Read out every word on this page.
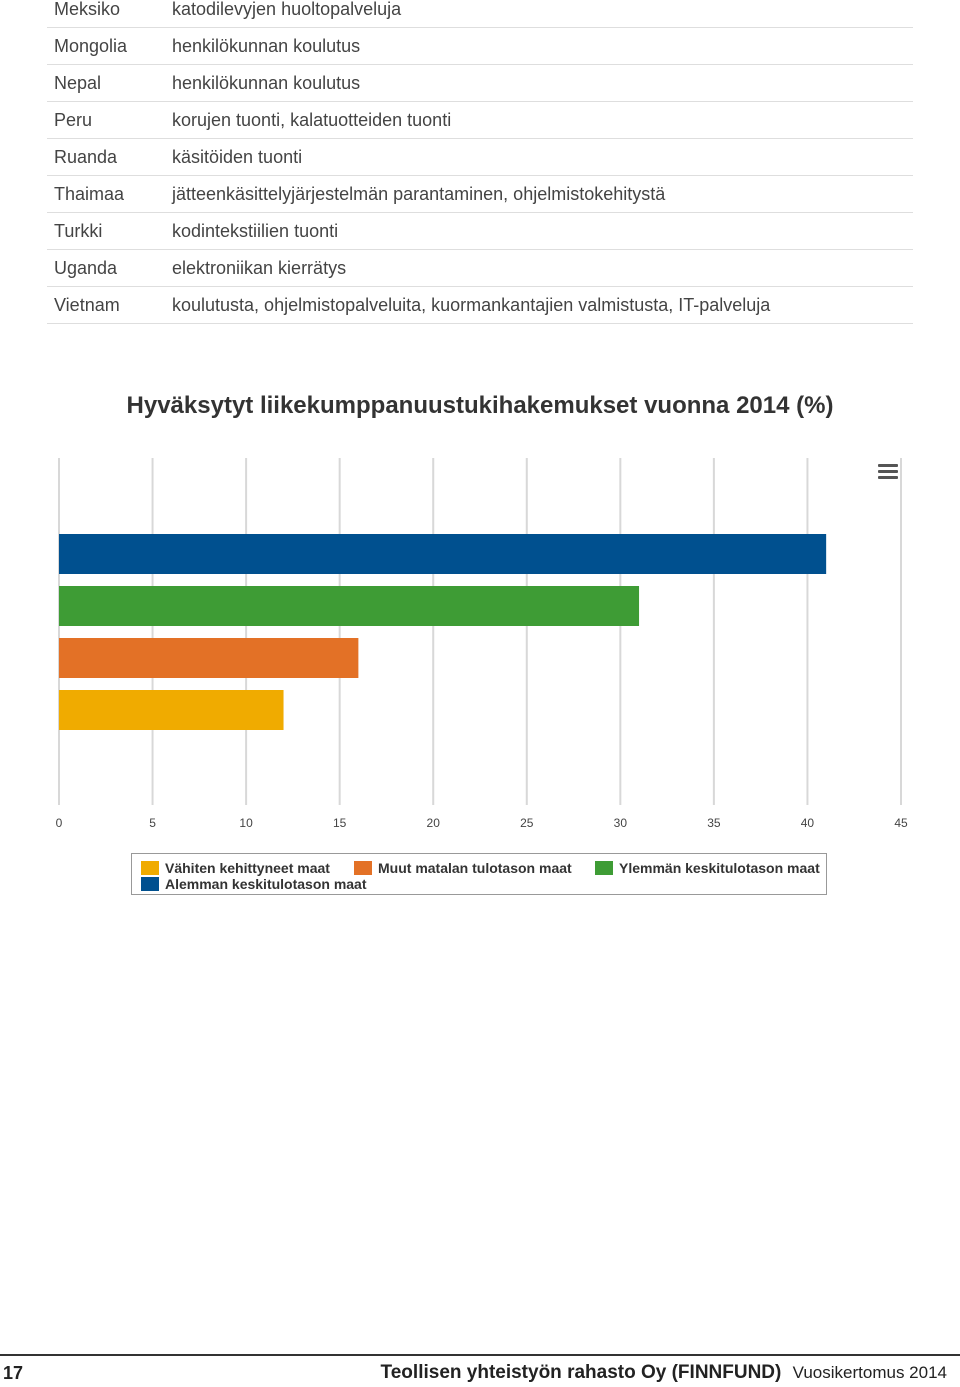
Meksiko	katodilevyjen huoltopalveluja
Mongolia	henkilökunnan koulutus
Nepal	henkilökunnan koulutus
Peru	korujen tuonti, kalatuotteiden tuonti
Ruanda	käsitöiden tuonti
Thaimaa	jätteenkäsittelyjärjestelmän parantaminen, ohjelmistokehitystä
Turkki	kodintekstiilien tuonti
Uganda	elektroniikan kierrätys
Vietnam	koulutusta, ohjelmistopalveluita, kuormankantajien valmistusta, IT-palveluja
Hyväksytyt liikekumppanuustukihakemukset vuonna 2014 (%)
0	5	10	15	20	25	30	35	40	45
Vähiten kehittyneet maat	Muut matalan tulotason maat	Ylemmän keskitulotason maat
Alemman keskitulotason maat
17	Teollisen yhteistyön rahasto Oy (FINNFUND) Vuosikertomus 2014
